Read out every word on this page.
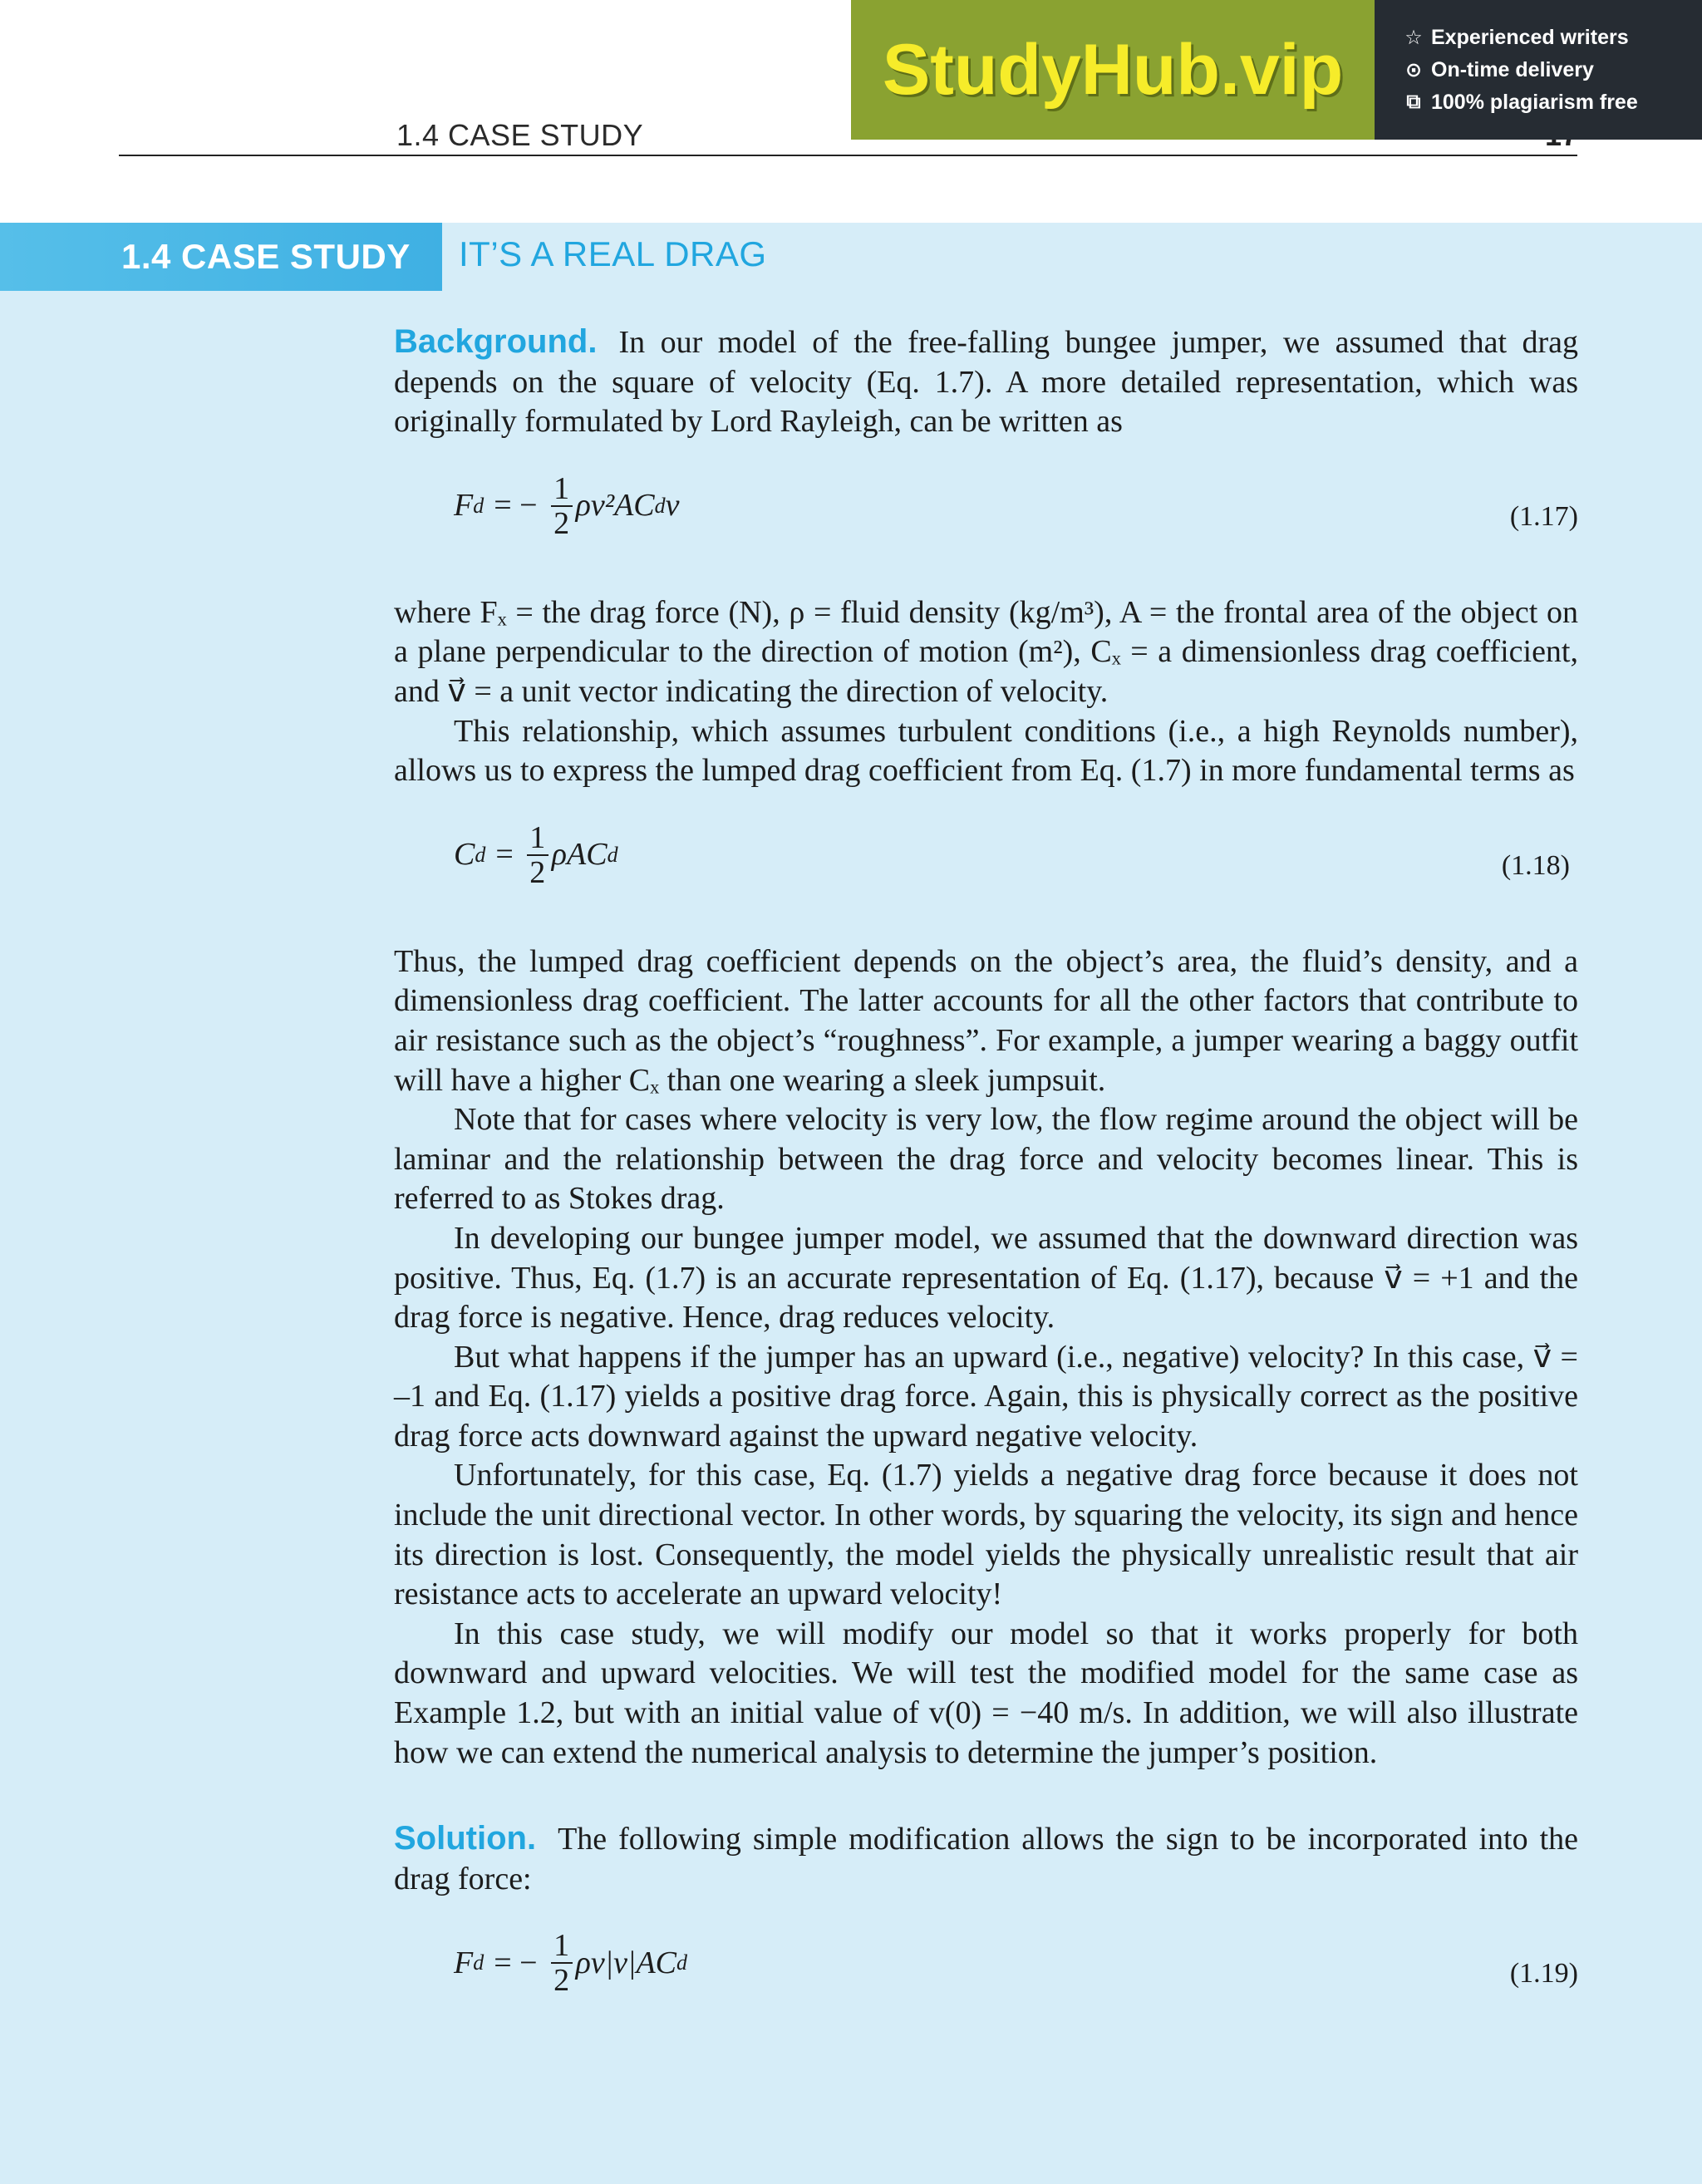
1.4 CASE STUDY
StudyHub.vip	☆ Experienced writers
⊙ On-time delivery
⧉ 100% plagiarism free
1.4 CASE STUDY	IT’S A REAL DRAG

Background. In our model of the free-falling bungee jumper, we assumed that drag depends on the square of velocity (Eq. 1.7). A more detailed representation, which was originally formulated by Lord Rayleigh, can be written as

F d = − $\frac{1}{2} \rho v^2AC$ d v⃗	(1.17)

where Fₓ = the drag force (N), ρ = fluid density (kg/m³), A = the frontal area of the object on a plane perpendicular to the direction of motion (m²), Cₓ = a dimensionless drag coefficient, and v⃗ = a unit vector indicating the direction of velocity.

This relationship, which assumes turbulent conditions (i.e., a high Reynolds number), allows us to express the lumped drag coefficient from Eq. (1.7) in more fundamental terms as

C $d = \frac{1}{2}$ ρAC d	(1.18)

Thus, the lumped drag coefficient depends on the object’s area, the fluid’s density, and a dimensionless drag coefficient. The latter accounts for all the other factors that contribute to air resistance such as the object’s “roughness”. For example, a jumper wearing a baggy outfit will have a higher Cₓ than one wearing a sleek jumpsuit.

Note that for cases where velocity is very low, the flow regime around the object will be laminar and the relationship between the drag force and velocity becomes linear. This is referred to as Stokes drag.

In developing our bungee jumper model, we assumed that the downward direction was positive. Thus, Eq. (1.7) is an accurate representation of Eq. (1.17), because v⃗ = +1 and the drag force is negative. Hence, drag reduces velocity.

But what happens if the jumper has an upward (i.e., negative) velocity? In this case, v⃗ = –1 and Eq. (1.17) yields a positive drag force. Again, this is physically correct as the positive drag force acts downward against the upward negative velocity.

Unfortunately, for this case, Eq. (1.7) yields a negative drag force because it does not include the unit directional vector. In other words, by squaring the velocity, its sign and hence its direction is lost. Consequently, the model yields the physically unrealistic result that air resistance acts to accelerate an upward velocity!

In this case study, we will modify our model so that it works properly for both downward and upward velocities. We will test the modified model for the same case as Example 1.2, but with an initial value of v(0) = −40 m/s. In addition, we will also illustrate how we can extend the numerical analysis to determine the jumper’s position.

Solution. The following simple modification allows the sign to be incorporated into the drag force:

F d = − $\frac{1}{2} \rho v|v|AC$ d	(1.19)
